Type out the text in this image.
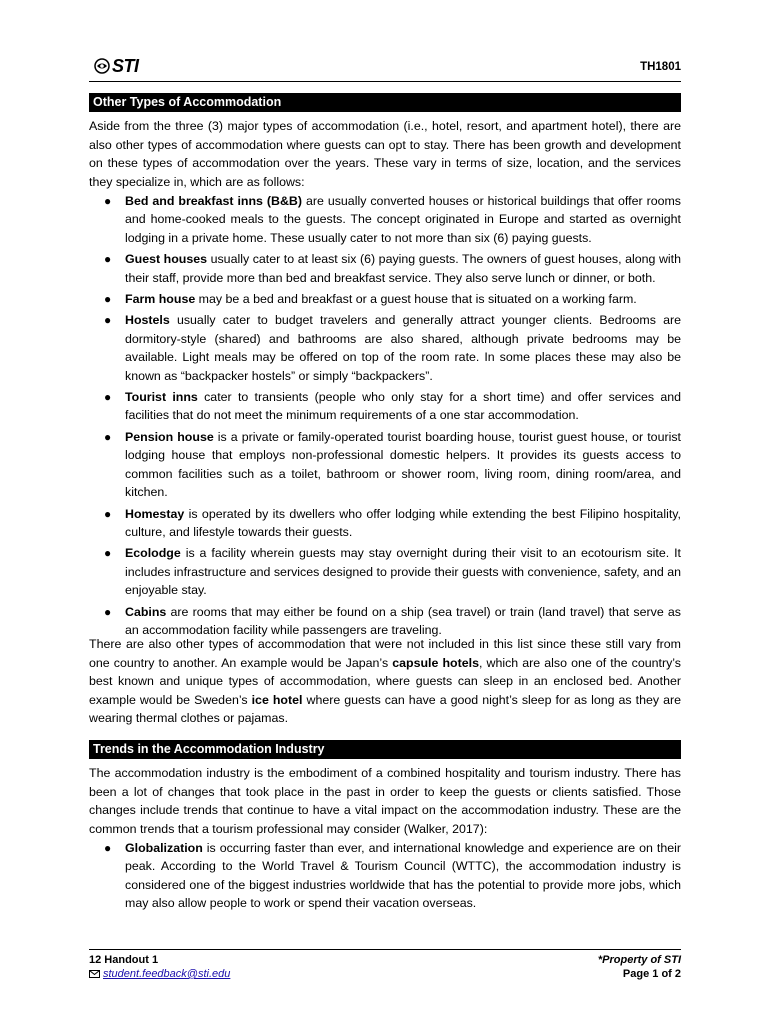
STI	TH1801
Other Types of Accommodation

Aside from the three (3) major types of accommodation (i.e., hotel, resort, and apartment hotel), there are also other types of accommodation where guests can opt to stay. There has been growth and development on these types of accommodation over the years. These vary in terms of size, location, and the services they specialize in, which are as follows:

● Bed and breakfast inns (B&B) are usually converted houses or historical buildings that offer rooms and home-cooked meals to the guests. The concept originated in Europe and started as overnight lodging in a private home. These usually cater to not more than six (6) paying guests.
● Guest houses usually cater to at least six (6) paying guests. The owners of guest houses, along with their staff, provide more than bed and breakfast service. They also serve lunch or dinner, or both.
● Farm house may be a bed and breakfast or a guest house that is situated on a working farm.
● Hostels usually cater to budget travelers and generally attract younger clients. Bedrooms are dormitory-style (shared) and bathrooms are also shared, although private bedrooms may be available. Light meals may be offered on top of the room rate. In some places these may also be known as “backpacker hostels” or simply “backpackers”.
● Tourist inns cater to transients (people who only stay for a short time) and offer services and facilities that do not meet the minimum requirements of a one star accommodation.
● Pension house is a private or family-operated tourist boarding house, tourist guest house, or tourist lodging house that employs non-professional domestic helpers. It provides its guests access to common facilities such as a toilet, bathroom or shower room, living room, dining room/area, and kitchen.
● Homestay is operated by its dwellers who offer lodging while extending the best Filipino hospitality, culture, and lifestyle towards their guests.
● Ecolodge is a facility wherein guests may stay overnight during their visit to an ecotourism site. It includes infrastructure and services designed to provide their guests with convenience, safety, and an enjoyable stay.
● Cabins are rooms that may either be found on a ship (sea travel) or train (land travel) that serve as an accommodation facility while passengers are traveling.

There are also other types of accommodation that were not included in this list since these still vary from one country to another. An example would be Japan’s capsule hotels, which are also one of the country’s best known and unique types of accommodation, where guests can sleep in an enclosed bed. Another example would be Sweden’s ice hotel where guests can have a good night’s sleep for as long as they are wearing thermal clothes or pajamas.

Trends in the Accommodation Industry

The accommodation industry is the embodiment of a combined hospitality and tourism industry. There has been a lot of changes that took place in the past in order to keep the guests or clients satisfied. Those changes include trends that continue to have a vital impact on the accommodation industry. These are the common trends that a tourism professional may consider (Walker, 2017):

● Globalization is occurring faster than ever, and international knowledge and experience are on their peak. According to the World Travel & Tourism Council (WTTC), the accommodation industry is considered one of the biggest industries worldwide that has the potential to provide more jobs, which may also allow people to work or spend their vacation overseas.
12 Handout 1
student.feedback@sti.edu
*Property of STI
Page 1 of 2
